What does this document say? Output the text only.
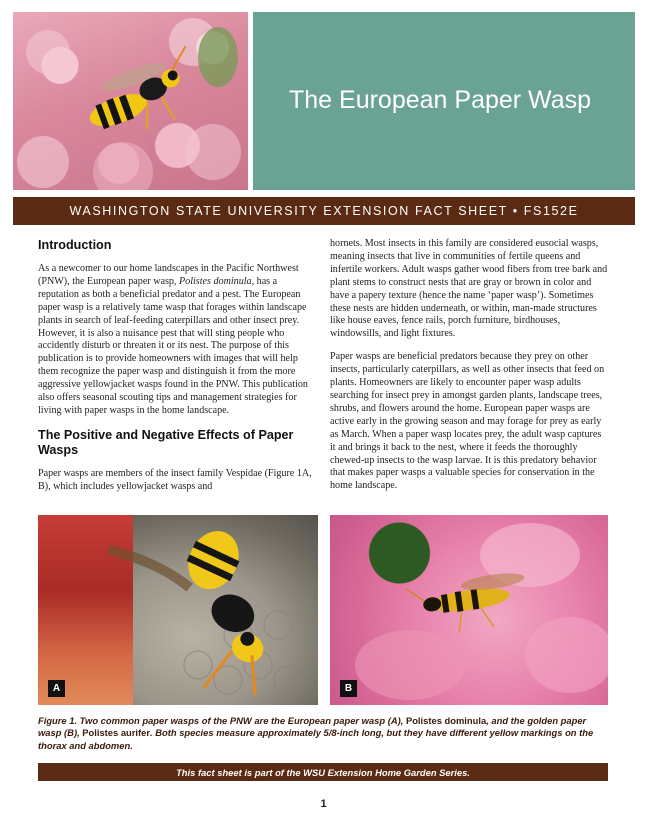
The European Paper Wasp
WASHINGTON STATE UNIVERSITY EXTENSION FACT SHEET • FS152E
Introduction

As a newcomer to our home landscapes in the Pacific Northwest (PNW), the European paper wasp, Polistes dominula, has a reputation as both a beneficial predator and a pest. The European paper wasp is a relatively tame wasp that forages within landscape plants in search of leaf-feeding caterpillars and other insect prey. However, it is also a nuisance pest that will sting people who accidently disturb or threaten it or its nest. The purpose of this publication is to provide homeowners with images that will help them recognize the paper wasp and distinguish it from the more aggressive yellowjacket wasps found in the PNW. This publication also offers seasonal scouting tips and management strategies for living with paper wasps in the home landscape.

The Positive and Negative Effects of Paper Wasps

Paper wasps are members of the insect family Vespidae (Figure 1A, B), which includes yellowjacket wasps and

hornets. Most insects in this family are considered eusocial wasps, meaning insects that live in communities of fertile queens and infertile workers. Adult wasps gather wood fibers from tree bark and plant stems to construct nests that are gray or brown in color and have a papery texture (hence the name ‘paper wasp’). Sometimes these nests are hidden underneath, or within, man-made structures like house eaves, fence rails, porch furniture, birdhouses, windowsills, and light fixtures.

Paper wasps are beneficial predators because they prey on other insects, particularly caterpillars, as well as other insects that feed on plants. Homeowners are likely to encounter paper wasp adults searching for insect prey in amongst garden plants, landscape trees, shrubs, and flowers around the home. European paper wasps are active early in the growing season and may forage for prey as early as March. When a paper wasp locates prey, the adult wasp captures it and brings it back to the nest, where it feeds the thoroughly chewed-up insects to the wasp larvae. It is this predatory behavior that makes paper wasps a valuable species for conservation in the home landscape.

A	B
Figure 1. Two common paper wasps of the PNW are the European paper wasp (A), Polistes dominula, and the golden paper wasp (B), Polistes aurifer. Both species measure approximately 5/8-inch long, but they have different yellow markings on the thorax and abdomen.
This fact sheet is part of the WSU Extension Home Garden Series.
1
